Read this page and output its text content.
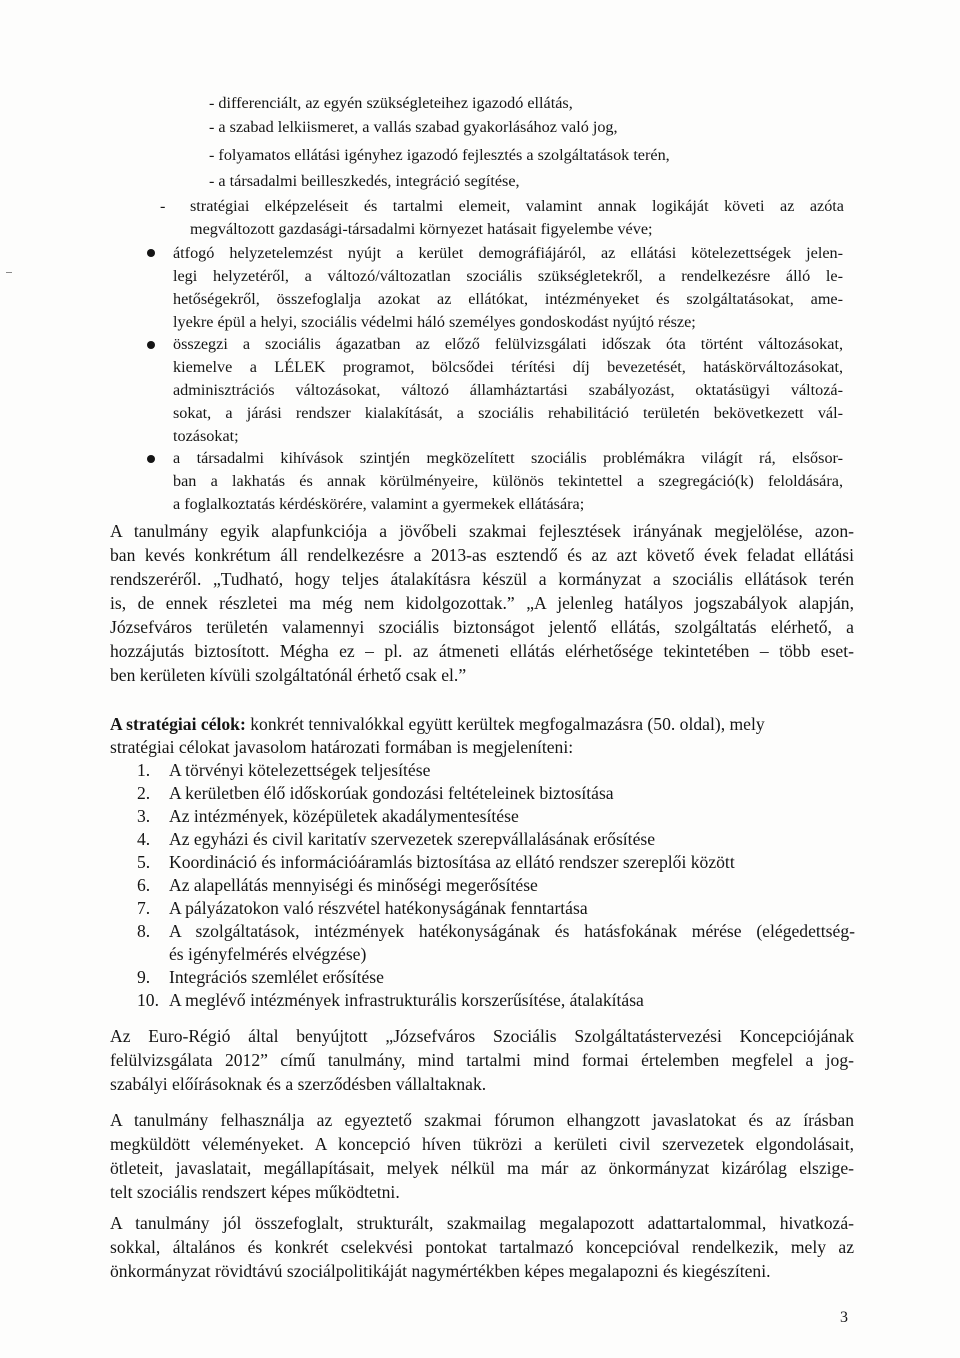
- differenciált, az egyén szükségleteihez igazodó ellátás,
- a szabad lelkiismeret, a vallás szabad gyakorlásához való jog,
- folyamatos ellátási igényhez igazodó fejlesztés a szolgáltatások terén,
- a társadalmi beilleszkedés, integráció segítése,
- stratégiai elképzeléseit és tartalmi elemeit, valamint annak logikáját követi az azóta
megváltozott gazdasági-társadalmi környezet hatásait figyelembe véve;
átfogó helyzetelemzést nyújt a kerület demográfiájáról, az ellátási kötelezettségek jelen-
legi helyzetéről, a változó/változatlan szociális szükségletekről, a rendelkezésre álló le-
hetőségekről, összefoglalja azokat az ellátókat, intézményeket és szolgáltatásokat, ame-
lyekre épül a helyi, szociális védelmi háló személyes gondoskodást nyújtó része;
összegzi a szociális ágazatban az előző felülvizsgálati időszak óta történt változásokat,
kiemelve a LÉLEK programot, bölcsődei térítési díj bevezetését, hatáskörváltozásokat,
adminisztrációs változásokat, változó államháztartási szabályozást, oktatásügyi változá-
sokat, a járási rendszer kialakítását, a szociális rehabilitáció területén bekövetkezett vál-
tozásokat;
a társadalmi kihívások szintjén megközelített szociális problémákra világít rá, elsősor-
ban a lakhatás és annak körülményeire, különös tekintettel a szegregáció(k) feloldására,
a foglalkoztatás kérdéskörére, valamint a gyermekek ellátására;
A tanulmány egyik alapfunkciója a jövőbeli szakmai fejlesztések irányának megjelölése, azon-
ban kevés konkrétum áll rendelkezésre a 2013-as esztendő és az azt követő évek feladat ellátási
rendszeréről. „Tudható, hogy teljes átalakításra készül a kormányzat a szociális ellátások terén
is, de ennek részletei ma még nem kidolgozottak.” „A jelenleg hatályos jogszabályok alapján,
Józsefváros területén valamennyi szociális biztonságot jelentő ellátás, szolgáltatás elérhető, a
hozzájutás biztosított. Mégha ez – pl. az átmeneti ellátás elérhetősége tekintetében – több eset-
ben kerületen kívüli szolgáltatónál érhető csak el.”
A stratégiai célok: konkrét tennivalókkal együtt kerültek megfogalmazásra (50. oldal), mely
stratégiai célokat javasolom határozati formában is megjeleníteni:
1. A törvényi kötelezettségek teljesítése
2. A kerületben élő időskorúak gondozási feltételeinek biztosítása
3. Az intézmények, középületek akadálymentesítése
4. Az egyházi és civil karitatív szervezetek szerepvállalásának erősítése
5. Koordináció és információáramlás biztosítása az ellátó rendszer szereplői között
6. Az alapellátás mennyiségi és minőségi megerősítése
7. A pályázatokon való részvétel hatékonyságának fenntartása
8. A szolgáltatások, intézmények hatékonyságának és hatásfokának mérése (elégedettség-
és igényfelmérés elvégzése)
9. Integrációs szemlélet erősítése
10. A meglévő intézmények infrastrukturális korszerűsítése, átalakítása
Az Euro-Régió által benyújtott „Józsefváros Szociális Szolgáltatástervezési Koncepciójának
felülvizsgálata 2012” című tanulmány, mind tartalmi mind formai értelemben megfelel a jog-
szabályi előírásoknak és a szerződésben vállaltaknak.
A tanulmány felhasználja az egyeztető szakmai fórumon elhangzott javaslatokat és az írásban
megküldött véleményeket. A koncepció híven tükrözi a kerületi civil szervezetek elgondolásait,
ötleteit, javaslatait, megállapításait, melyek nélkül ma már az önkormányzat kizárólag elszige-
telt szociális rendszert képes működtetni.
A tanulmány jól összefoglalt, strukturált, szakmailag megalapozott adattartalommal, hivatkozá-
sokkal, általános és konkrét cselekvési pontokat tartalmazó koncepcióval rendelkezik, mely az
önkormányzat rövidtávú szociálpolitikáját nagymértékben képes megalapozni és kiegészíteni.
3
